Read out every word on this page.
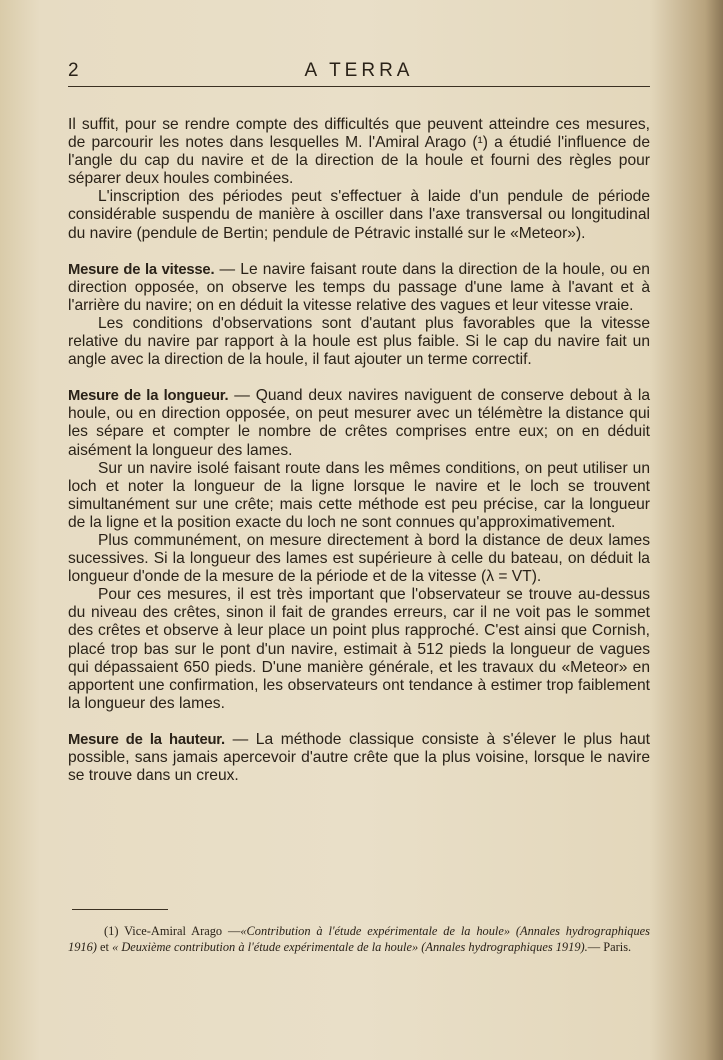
2	A TERRA

Il suffit, pour se rendre compte des difficultés que peuvent atteindre ces mesures, de parcourir les notes dans lesquelles M. l'Amiral Arago (¹) a étudié l'influence de l'angle du cap du navire et de la direction de la houle et fourni des règles pour séparer deux houles combinées.

L'inscription des périodes peut s'effectuer à laide d'un pendule de période considérable suspendu de manière à osciller dans l'axe transversal ou longitudinal du navire (pendule de Bertin; pendule de Pétravic installé sur le «Meteor»).

Mesure de la vitesse. — Le navire faisant route dans la direction de la houle, ou en direction opposée, on observe les temps du passage d'une lame à l'avant et à l'arrière du navire; on en déduit la vitesse relative des vagues et leur vitesse vraie.

Les conditions d'observations sont d'autant plus favorables que la vitesse relative du navire par rapport à la houle est plus faible. Si le cap du navire fait un angle avec la direction de la houle, il faut ajouter un terme correctif.

Mesure de la longueur. — Quand deux navires naviguent de conserve debout à la houle, ou en direction opposée, on peut mesurer avec un télémètre la distance qui les sépare et compter le nombre de crêtes comprises entre eux; on en déduit aisément la longueur des lames.

Sur un navire isolé faisant route dans les mêmes conditions, on peut utiliser un loch et noter la longueur de la ligne lorsque le navire et le loch se trouvent simultanément sur une crête; mais cette méthode est peu précise, car la longueur de la ligne et la position exacte du loch ne sont connues qu'approximativement.

Plus communément, on mesure directement à bord la distance de deux lames sucessives. Si la longueur des lames est supérieure à celle du bateau, on déduit la longueur d'onde de la mesure de la période et de la vitesse (λ = VT).

Pour ces mesures, il est très important que l'observateur se trouve au-dessus du niveau des crêtes, sinon il fait de grandes erreurs, car il ne voit pas le sommet des crêtes et observe à leur place un point plus rapproché. C'est ainsi que Cornish, placé trop bas sur le pont d'un navire, estimait à 512 pieds la longueur de vagues qui dépassaient 650 pieds. D'une manière générale, et les travaux du «Meteor» en apportent une confirmation, les observateurs ont tendance à estimer trop faiblement la longueur des lames.

Mesure de la hauteur. — La méthode classique consiste à s'élever le plus haut possible, sans jamais apercevoir d'autre crête que la plus voisine, lorsque le navire se trouve dans un creux.

(1) Vice-Amiral Arago —«Contribution à l'étude expérimentale de la houle» (Annales hydrographiques 1916) et « Deuxième contribution à l'étude expérimentale de la houle» (Annales hydrographiques 1919).— Paris.
